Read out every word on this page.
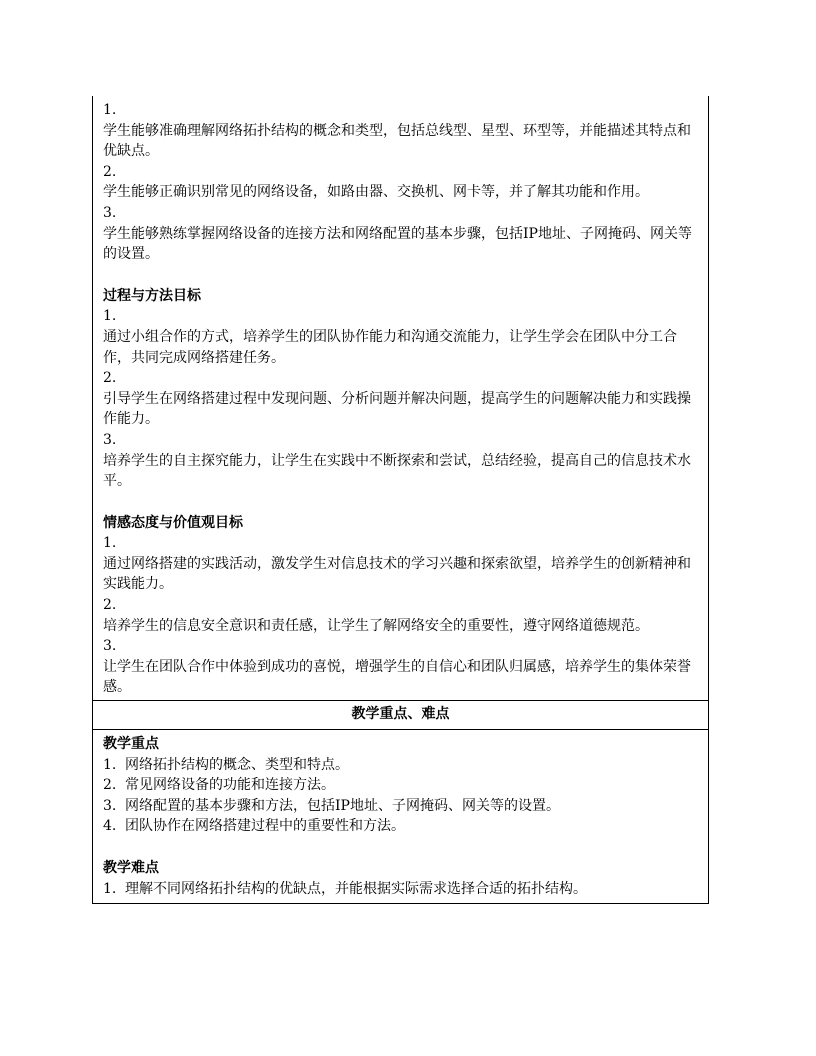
1.
学生能够准确理解网络拓扑结构的概念和类型，包括总线型、星型、环型等，并能描述其特点和优缺点。
2.
学生能够正确识别常见的网络设备，如路由器、交换机、网卡等，并了解其功能和作用。
3.
学生能够熟练掌握网络设备的连接方法和网络配置的基本步骤，包括IP地址、子网掩码、网关等的设置。
过程与方法目标
1.
通过小组合作的方式，培养学生的团队协作能力和沟通交流能力，让学生学会在团队中分工合作，共同完成网络搭建任务。
2.
引导学生在网络搭建过程中发现问题、分析问题并解决问题，提高学生的问题解决能力和实践操作能力。
3.
培养学生的自主探究能力，让学生在实践中不断探索和尝试，总结经验，提高自己的信息技术水平。
情感态度与价值观目标
1.
通过网络搭建的实践活动，激发学生对信息技术的学习兴趣和探索欲望，培养学生的创新精神和实践能力。
2.
培养学生的信息安全意识和责任感，让学生了解网络安全的重要性，遵守网络道德规范。
3.
让学生在团队合作中体验到成功的喜悦，增强学生的自信心和团队归属感，培养学生的集体荣誉感。
教学重点、难点
教学重点
1. 网络拓扑结构的概念、类型和特点。
2. 常见网络设备的功能和连接方法。
3. 网络配置的基本步骤和方法，包括IP地址、子网掩码、网关等的设置。
4. 团队协作在网络搭建过程中的重要性和方法。
教学难点
1. 理解不同网络拓扑结构的优缺点，并能根据实际需求选择合适的拓扑结构。
